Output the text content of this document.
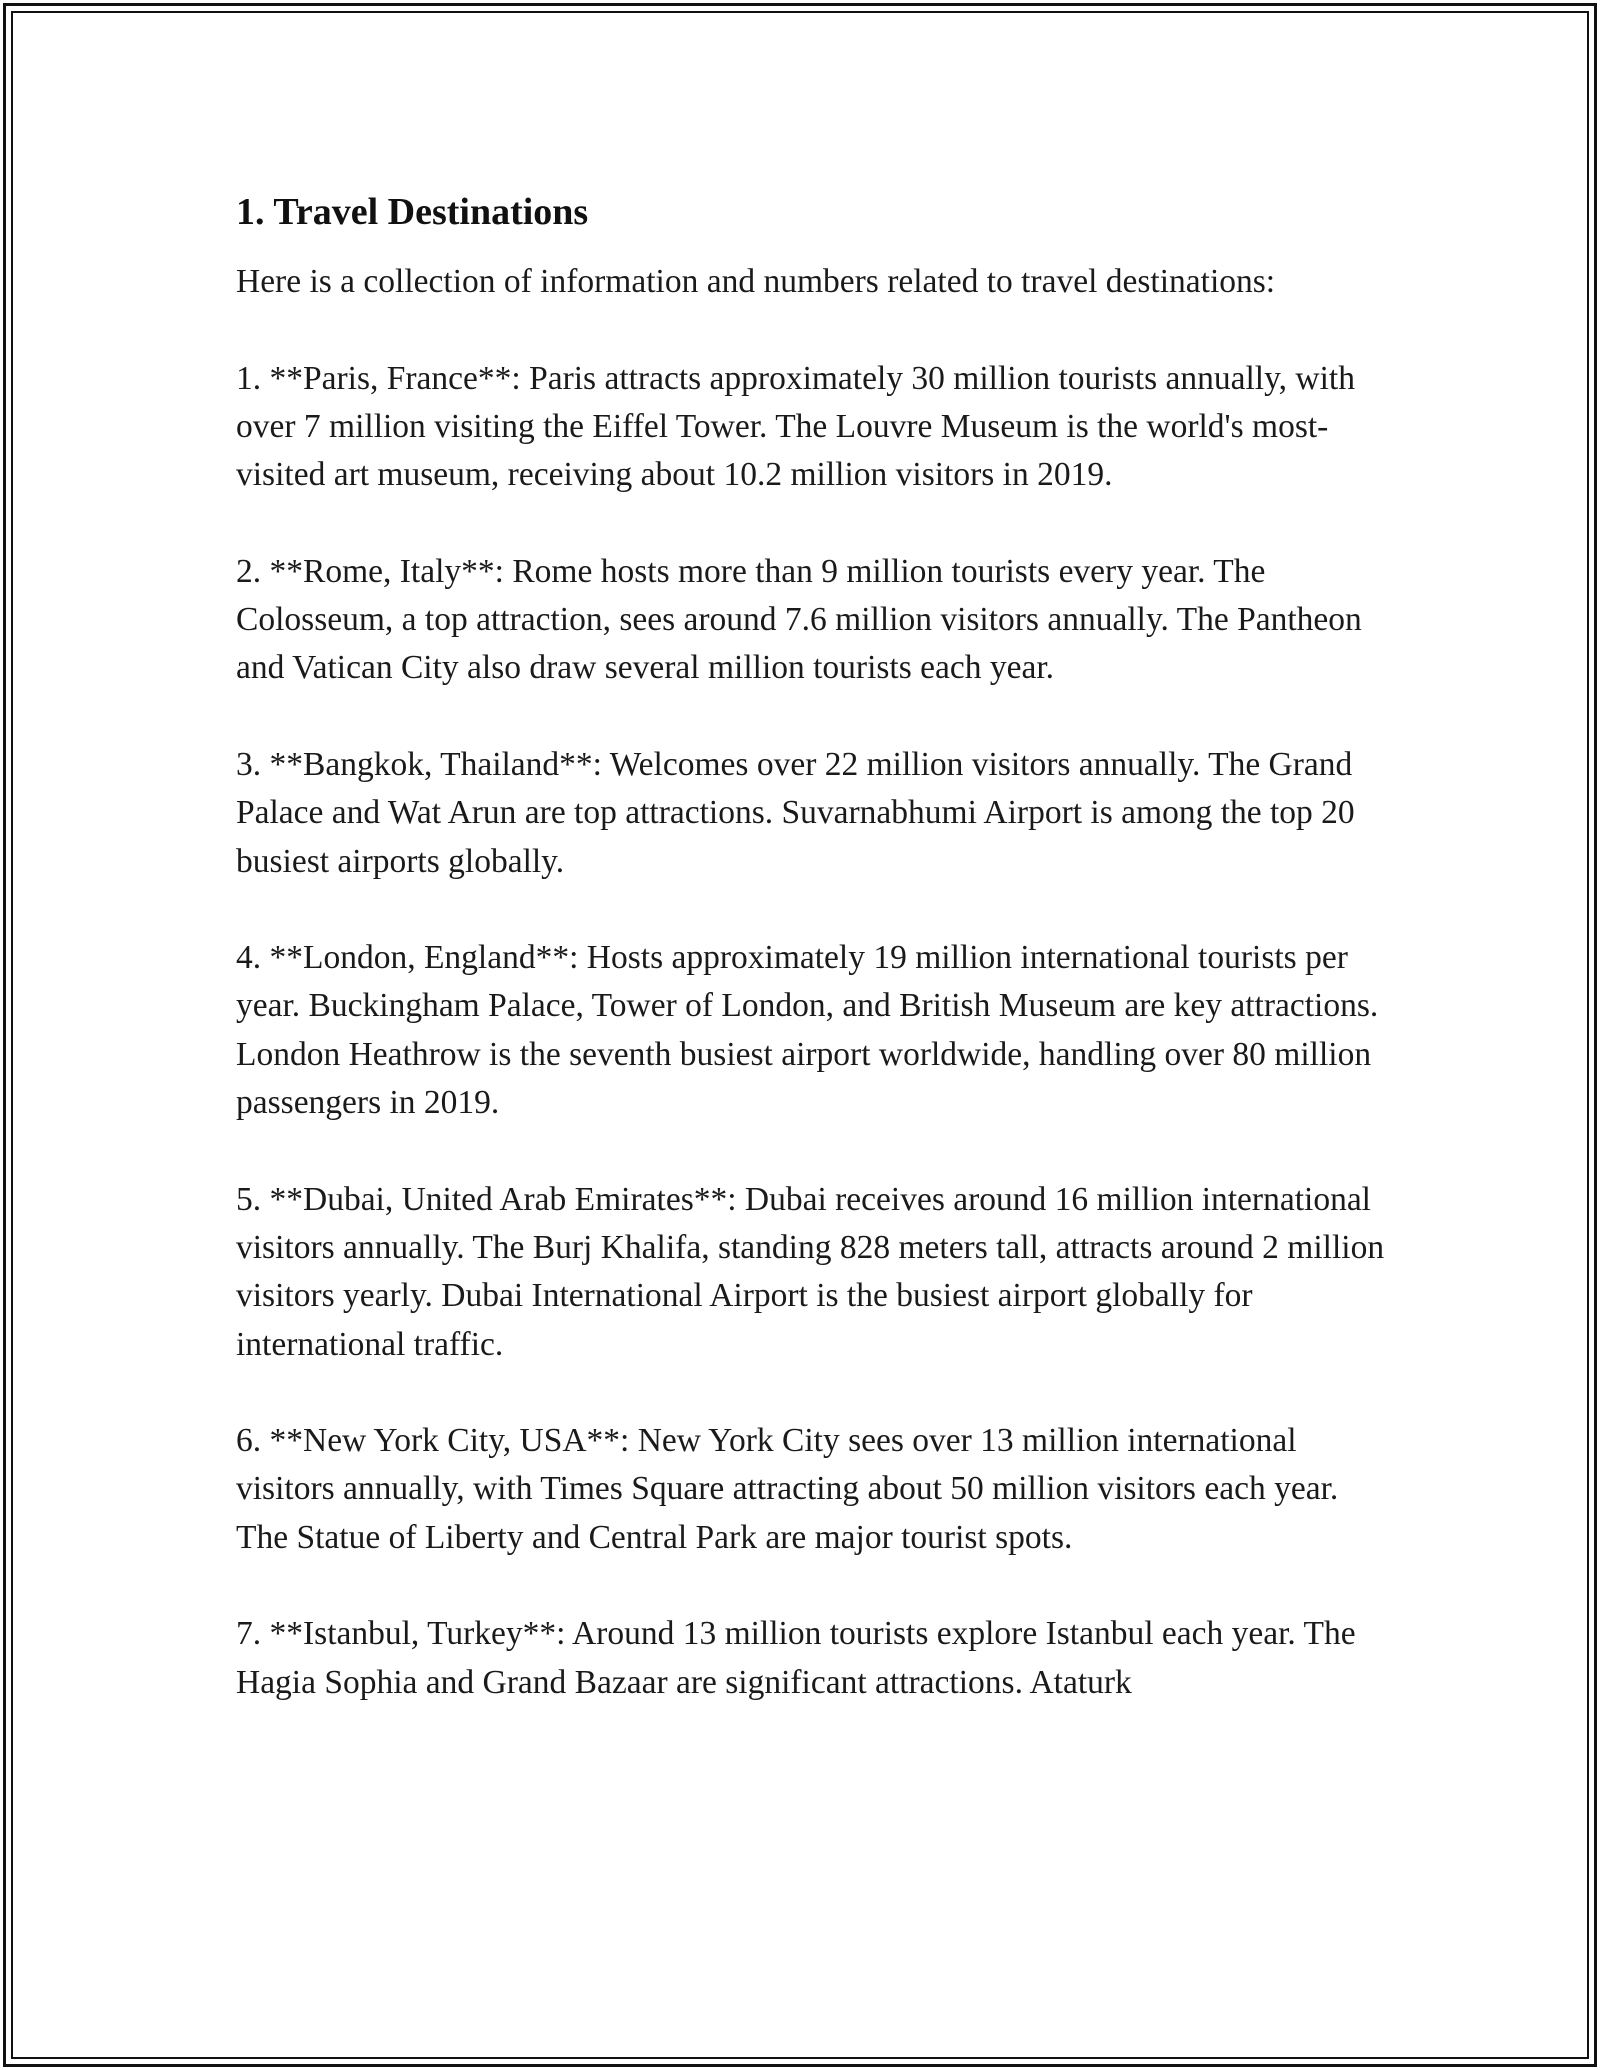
1. Travel Destinations

Here is a collection of information and numbers related to travel destinations:

1. **Paris, France**: Paris attracts approximately 30 million tourists annually, with over 7 million visiting the Eiffel Tower. The Louvre Museum is the world's most-visited art museum, receiving about 10.2 million visitors in 2019.

2. **Rome, Italy**: Rome hosts more than 9 million tourists every year. The Colosseum, a top attraction, sees around 7.6 million visitors annually. The Pantheon and Vatican City also draw several million tourists each year.

3. **Bangkok, Thailand**: Welcomes over 22 million visitors annually. The Grand Palace and Wat Arun are top attractions. Suvarnabhumi Airport is among the top 20 busiest airports globally.

4. **London, England**: Hosts approximately 19 million international tourists per year. Buckingham Palace, Tower of London, and British Museum are key attractions. London Heathrow is the seventh busiest airport worldwide, handling over 80 million passengers in 2019.

5. **Dubai, United Arab Emirates**: Dubai receives around 16 million international visitors annually. The Burj Khalifa, standing 828 meters tall, attracts around 2 million visitors yearly. Dubai International Airport is the busiest airport globally for international traffic.

6. **New York City, USA**: New York City sees over 13 million international visitors annually, with Times Square attracting about 50 million visitors each year. The Statue of Liberty and Central Park are major tourist spots.

7. **Istanbul, Turkey**: Around 13 million tourists explore Istanbul each year. The Hagia Sophia and Grand Bazaar are significant attractions. Ataturk
